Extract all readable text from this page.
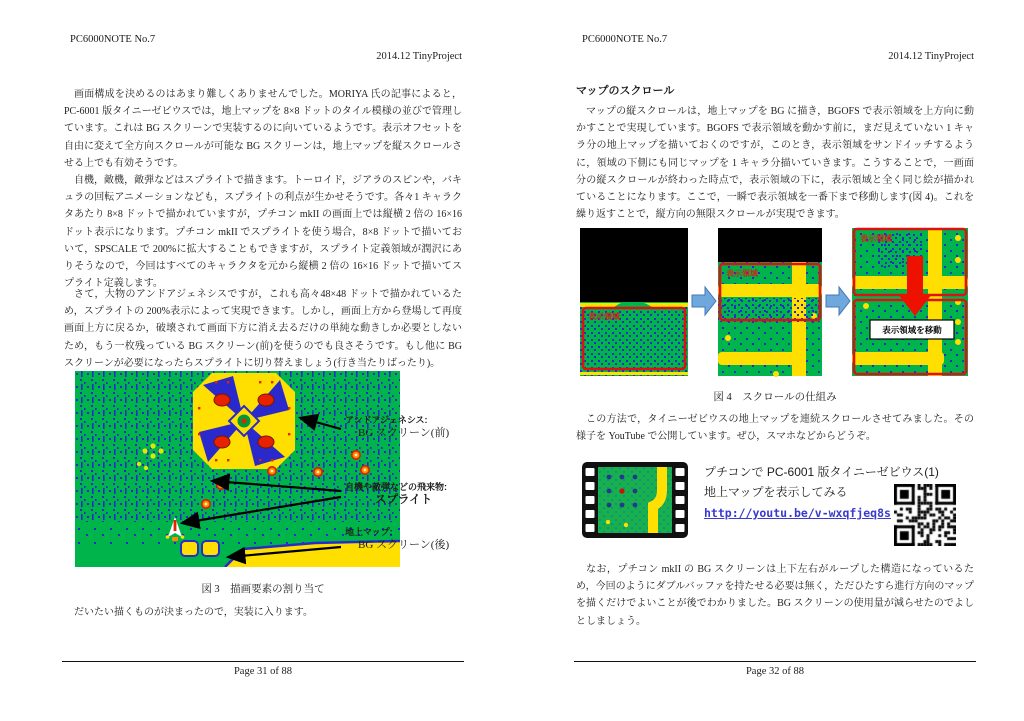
PC6000NOTE No.7
2014.12 TinyProject

画面構成を決めるのはあまり難しくありませんでした。MORIYA 氏の記事によると，PC-6001 版タイニーゼビウスでは，地上マップを 8×8 ドットのタイル模様の並びで管理しています。これは BG スクリーンで実装するのに向いているようです。表示オフセットを自由に変えて全方向スクロールが可能な BG スクリーンは，地上マップを縦スクロールさせる上でも有効そうです。

自機，敵機，敵弾などはスプライトで描きます。トーロイド，ジアラのスピンや，バキュラの回転アニメーションなども，スプライトの利点が生かせそうです。各々1 キャラクタあたり 8×8 ドットで描かれていますが，プチコン mkII の画面上では縦横 2 倍の 16×16 ドット表示になります。プチコン mkII でスプライトを使う場合，8×8 ドットで描いておいて，SPSCALE で 200%に拡大することもできますが，スプライト定義領域が潤沢にありそうなので，今回はすべてのキャラクタを元から縦横 2 倍の 16×16 ドットで描いてスプライト定義します。

さて，大物のアンドアジェネシスですが，これも高々48×48 ドットで描かれているため，スプライトの 200%表示によって実現できます。しかし，画面上方から登場して再度画面上方に戻るか，破壊されて画面下方に消え去るだけの単純な動きしか必要としないため，もう一枚残っている BG スクリーン(前)を使うのでも良さそうです。もし他に BG スクリーンが必要になったらスプライトに切り替えましょう(行き当たりばったり)。

アンドアジェネシス:
BG スクリーン(前)
自機や敵弾などの飛来物:
スプライト
地上マップ:
BG スクリーン(後)
図 3　描画要素の割り当て

だいたい描くものが決まったので，実装に入ります。

Page 31 of 88
PC6000NOTE No.7
2014.12 TinyProject
マップのスクロール

マップの縦スクロールは，地上マップを BG に描き，BGOFS で表示領域を上方向に動かすことで実現しています。BGOFS で表示領域を動かす前に，まだ見えていない 1 キャラ分の地上マップを描いておくのですが，このとき，表示領域をサンドイッチするように，領域の下側にも同じマップを 1 キャラ分描いていきます。こうすることで，一画面分の縦スクロールが終わった時点で，表示領域の下に，表示領域と全く同じ絵が描かれていることになります。ここで，一瞬で表示領域を一番下まで移動します(図 4)。これを繰り返すことで，縦方向の無限スクロールが実現できます。

表示領域
表示領域
表示領域
表示領域を移動
図 4　スクロールの仕組み

この方法で，タイニーゼビウスの地上マップを連続スクロールさせてみました。その様子を YouTube で公開しています。ぜひ，スマホなどからどうぞ。

プチコンで PC-6001 版タイニーゼビウス(1)
地上マップを表示してみる
http://youtu.be/v-wxqfjeq8s

なお，プチコン mkII の BG スクリーンは上下左右がループした構造になっているため，今回のようにダブルバッファを持たせる必要は無く，ただひたすら進行方向のマップを描くだけでよいことが後でわかりました。BG スクリーンの使用量が減らせたのでよしとしましょう。

Page 32 of 88
